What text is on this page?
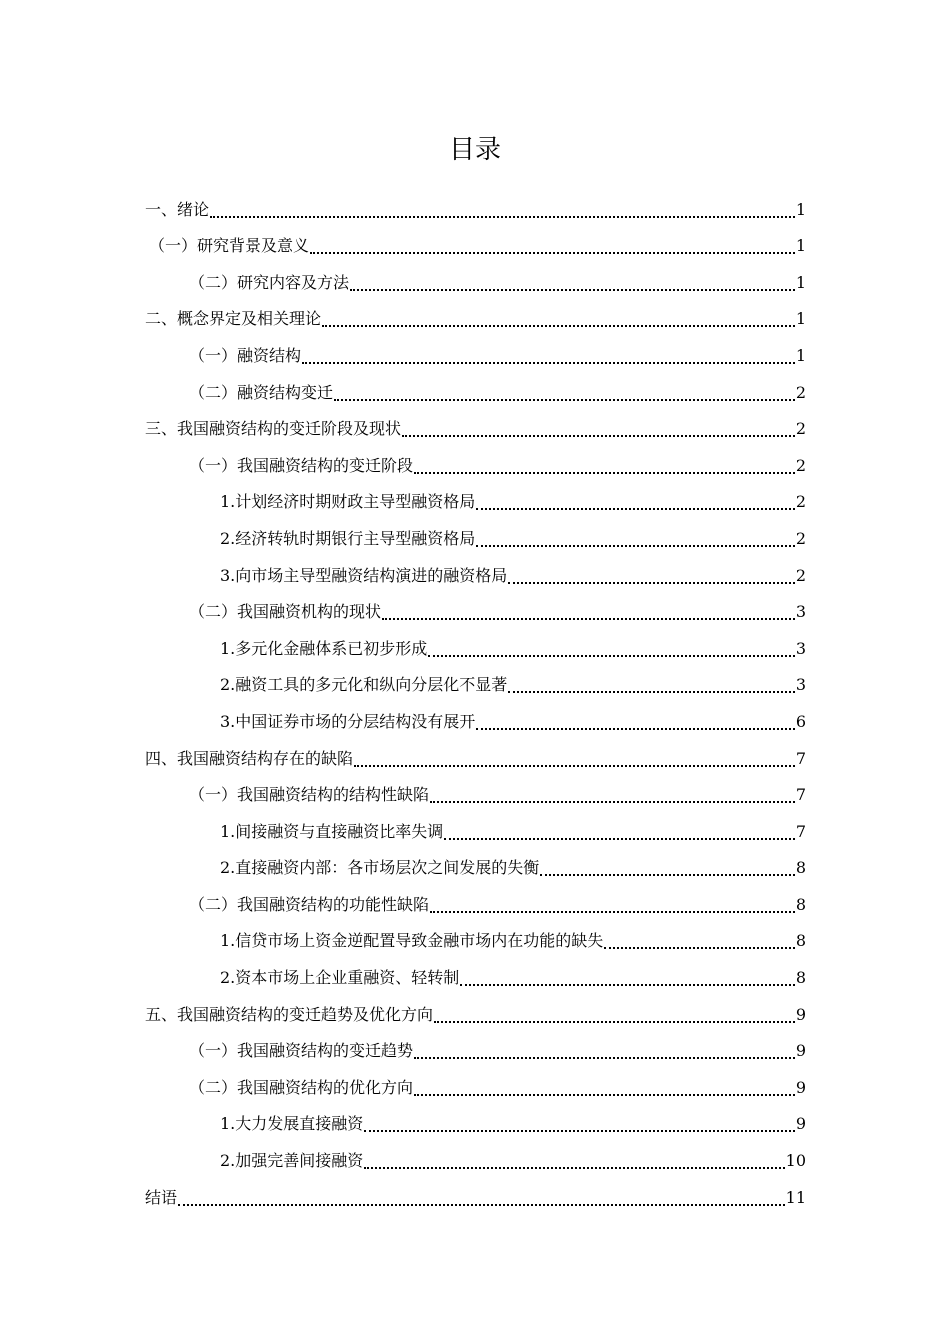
目录
一、绪论	1
（一）研究背景及意义	1
（二）研究内容及方法	1
二、概念界定及相关理论	1
（一）融资结构	1
（二）融资结构变迁	2
三、我国融资结构的变迁阶段及现状	2
（一）我国融资结构的变迁阶段	2
1.计划经济时期财政主导型融资格局	2
2.经济转轨时期银行主导型融资格局	2
3.向市场主导型融资结构演进的融资格局	2
（二）我国融资机构的现状	3
1.多元化金融体系已初步形成	3
2.融资工具的多元化和纵向分层化不显著	3
3.中国证券市场的分层结构没有展开	6
四、我国融资结构存在的缺陷	7
（一）我国融资结构的结构性缺陷	7
1.间接融资与直接融资比率失调	7
2.直接融资内部：各市场层次之间发展的失衡	8
（二）我国融资结构的功能性缺陷	8
1.信贷市场上资金逆配置导致金融市场内在功能的缺失	8
2.资本市场上企业重融资、轻转制	8
五、我国融资结构的变迁趋势及优化方向	9
（一）我国融资结构的变迁趋势	9
（二）我国融资结构的优化方向	9
1.大力发展直接融资	9
2.加强完善间接融资	10
结语	11
